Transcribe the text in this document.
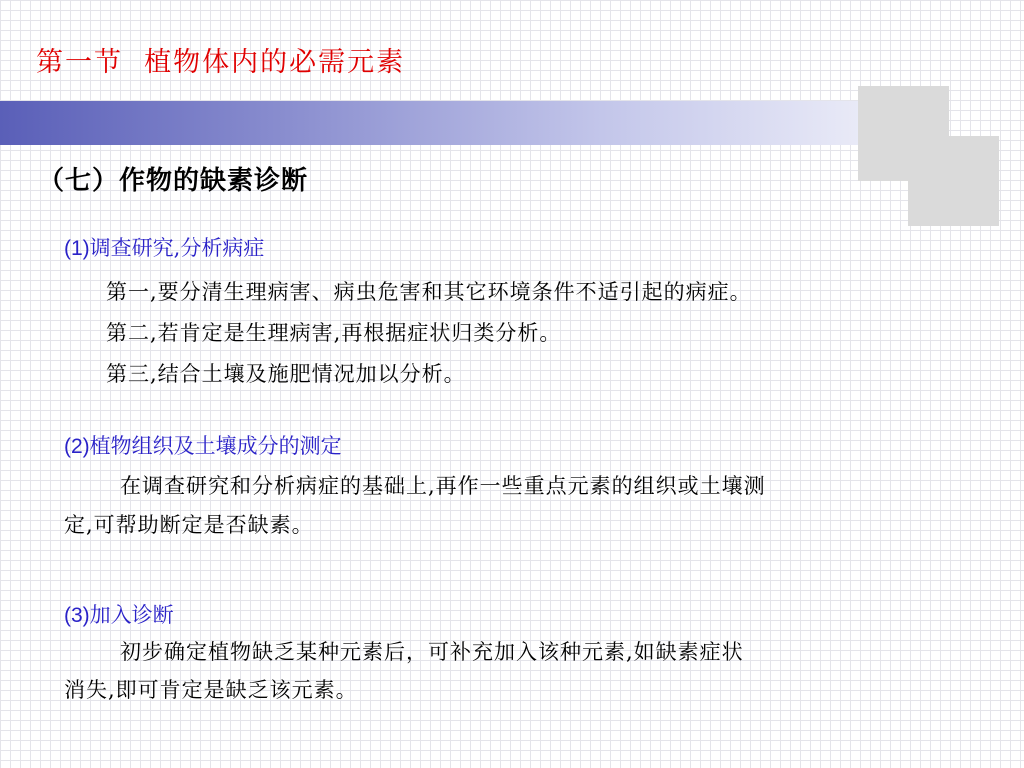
第一节  植物体内的必需元素
（七）作物的缺素诊断
(1)调查研究,分析病症

第一,要分清生理病害、病虫危害和其它环境条件不适引起的病症。

第二,若肯定是生理病害,再根据症状归类分析。

第三,结合土壤及施肥情况加以分析。

(2)植物组织及土壤成分的测定

在调查研究和分析病症的基础上,再作一些重点元素的组织或土壤测

定,可帮助断定是否缺素。

(3)加入诊断

初步确定植物缺乏某种元素后，可补充加入该种元素,如缺素症状

消失,即可肯定是缺乏该元素。
